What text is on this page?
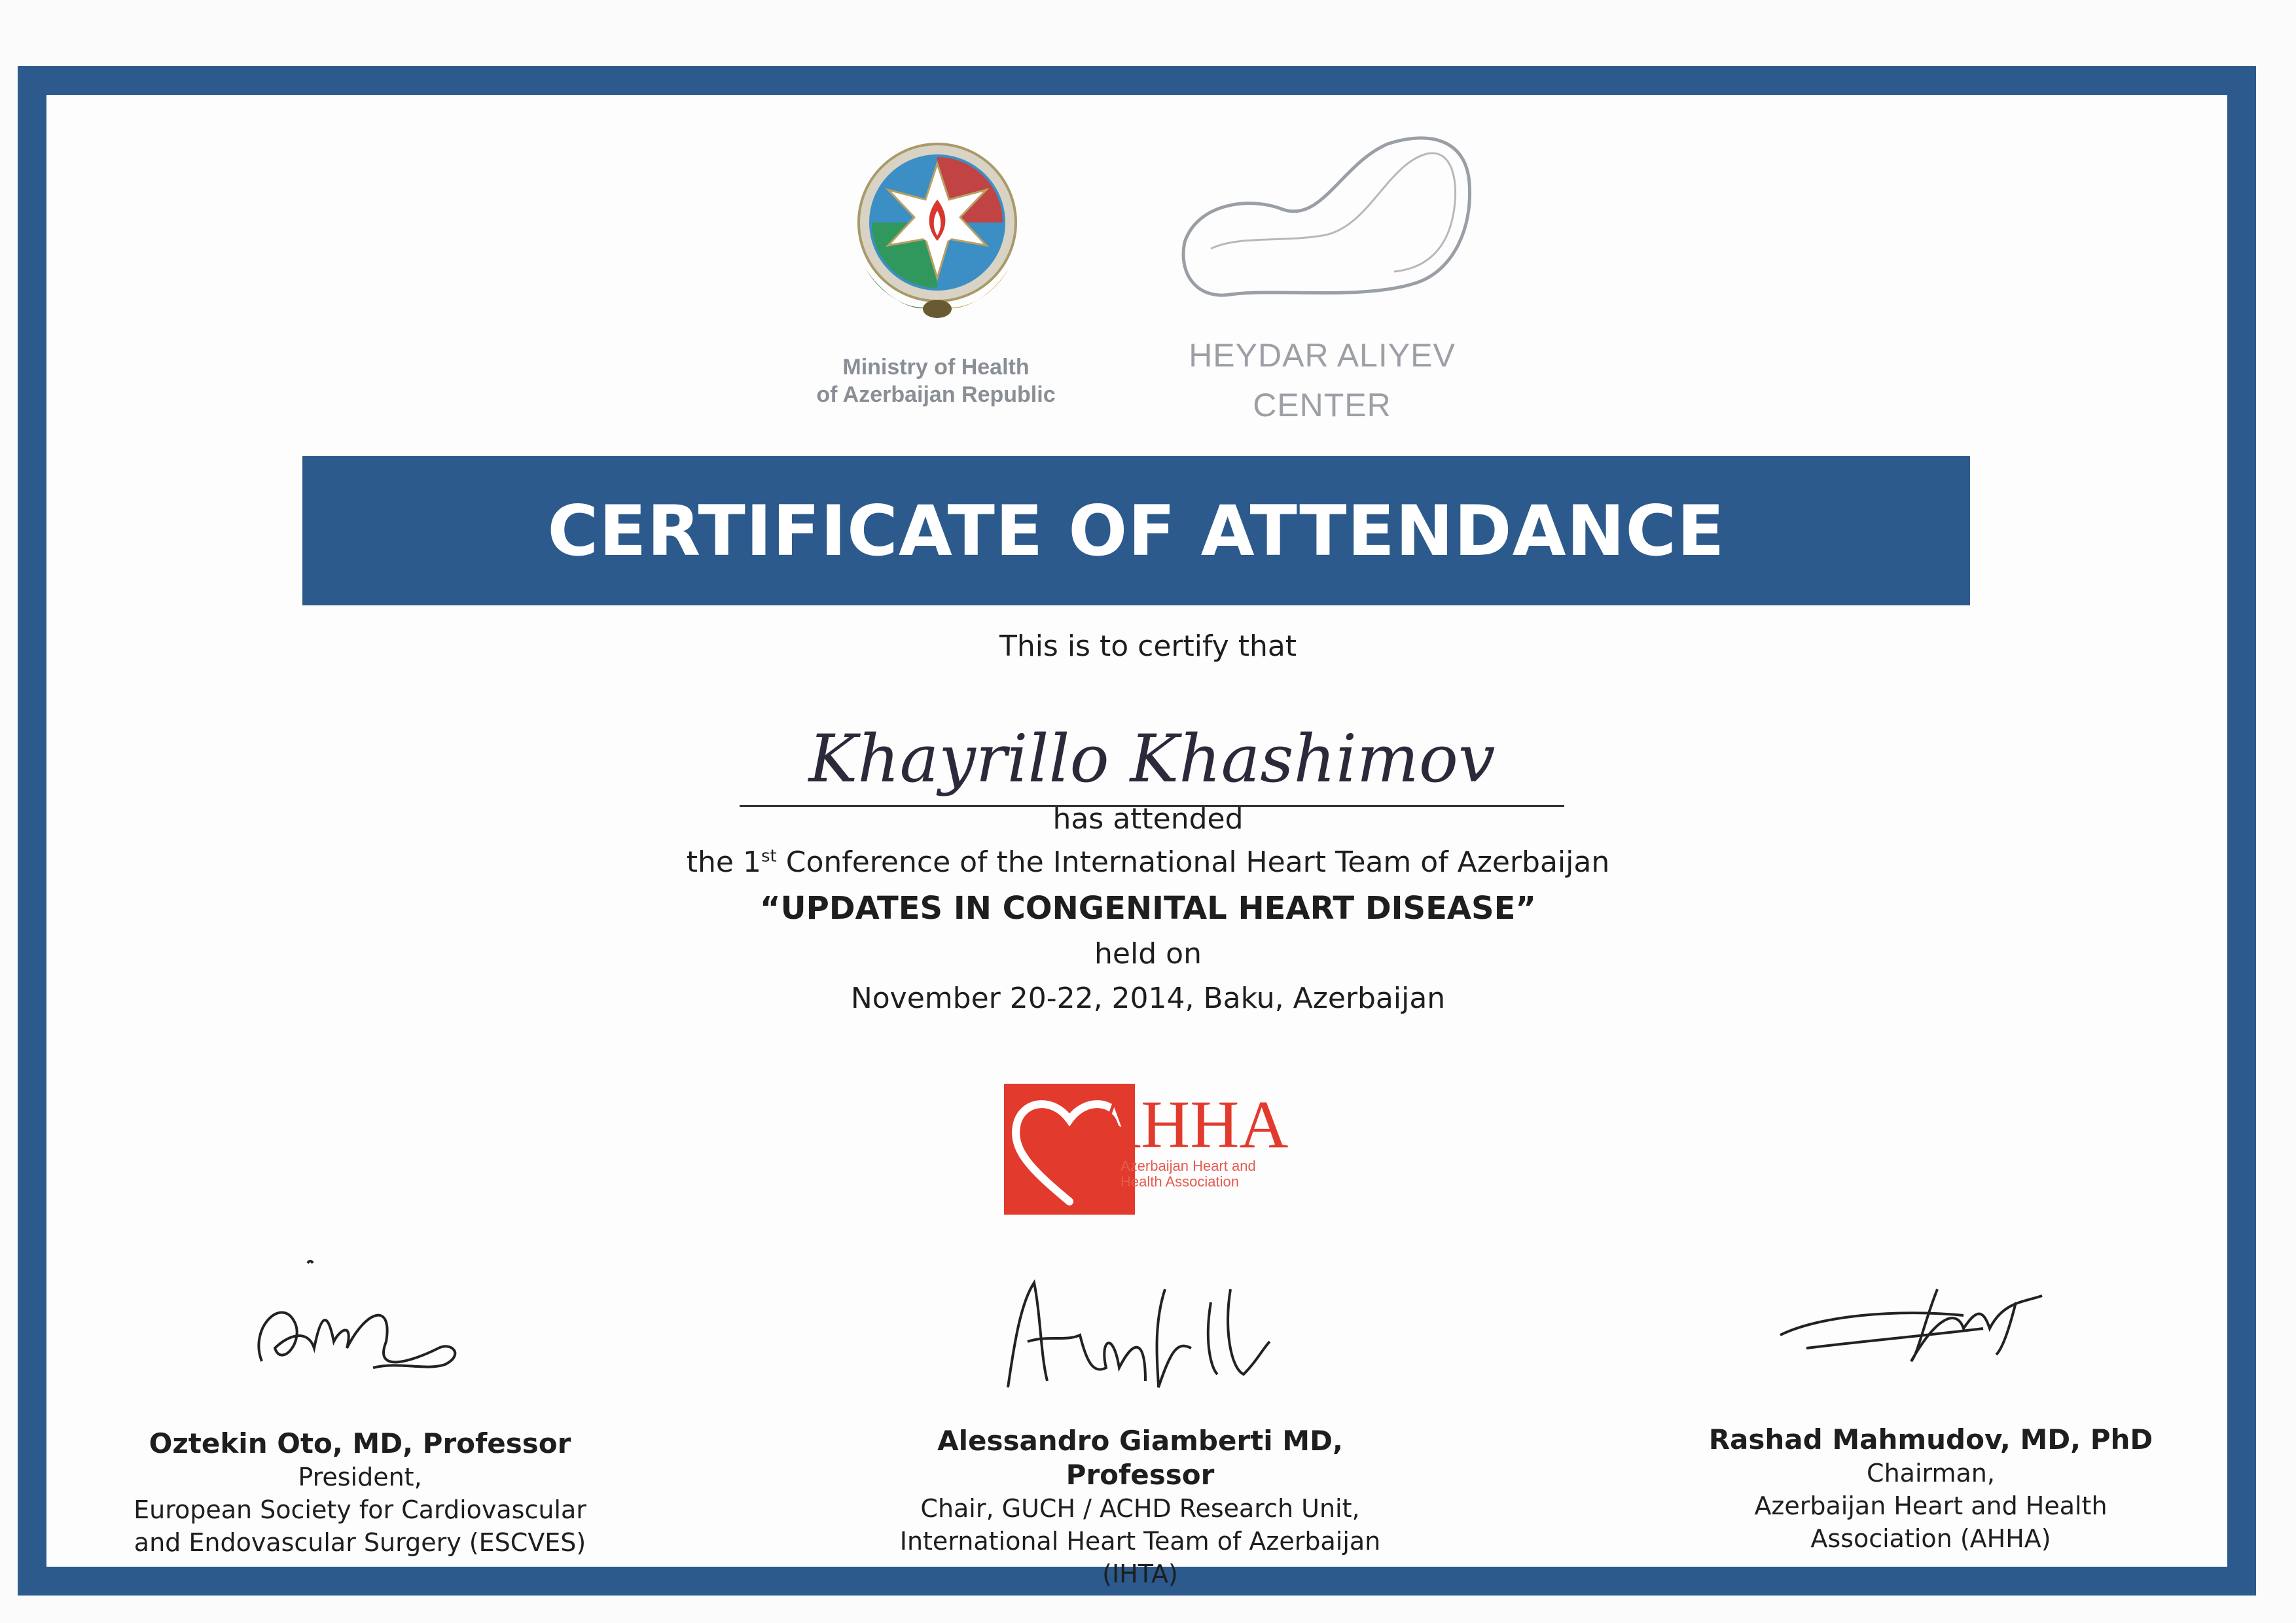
Ministry of Health
of Azerbaijan Republic
HEYDAR ALIYEV
CENTER
CERTIFICATE OF ATTENDANCE
This is to certify that
Khayrillo Khashimov
has attended
the 1st Conference of the International Heart Team of Azerbaijan
“UPDATES IN CONGENITAL HEART DISEASE”
held on
November 20-22, 2014, Baku, Azerbaijan
AHHA
Azerbaijan Heart and
Health Association
Oztekin Oto, MD, Professor
President,
European Society for Cardiovascular
and Endovascular Surgery (ESCVES)
Alessandro Giamberti MD, Professor
Chair, GUCH / ACHD Research Unit,
International Heart Team of Azerbaijan (IHTA)
Rashad Mahmudov, MD, PhD
Chairman,
Azerbaijan Heart and Health
Association (AHHA)
